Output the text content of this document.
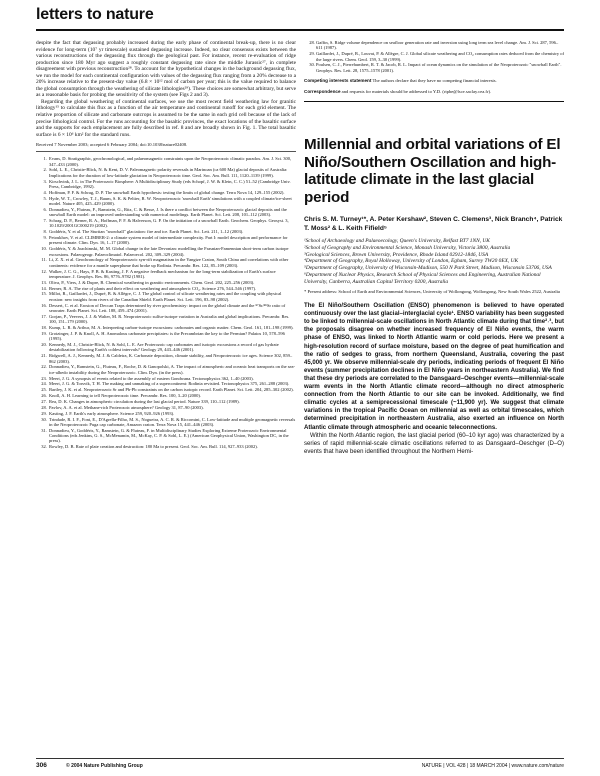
letters to nature

despite the fact that degassing probably increased during the early phase of continental break-up, there is no clear evidence for long-term (10⁷ yr timescale) sustained degassing increase. Indeed, no clear consensus exists between the various reconstructions of the degassing flux through the geological past. For instance, recent re-evaluation of ridge production since 180 Myr ago suggest a roughly constant degassing rate since the middle Jurassic²⁷, in complete disagreement with previous reconstruction²⁸. To account for the hypothetical changes in the background degassing flux, we run the model for each continental configuration with values of the degassing flux ranging from a 20% decrease to a 20% increase relative to the present-day value (6.8 × 10¹² mol of carbon per year; this is the value required to balance the global consumption through the weathering of silicate lithologies²⁹). These choices are somewhat arbitrary, but serve as a reasonable basis for probing the sensitivity of the system (see Figs 2 and 3).

Regarding the global weathering of continental surfaces, we use the most recent field weathering law for granitic lithology¹⁵ to calculate this flux as a function of the air temperature and continental runoff for each grid element. The relative proportion of silicate and carbonate outcrops is assumed to be the same in each grid cell because of the lack of precise lithological control. For the runs accounting for the basaltic provinces, the exact locations of the basaltic surface and the supports for each emplacement are fully described in ref. 8 and are broadly shown in Fig. 1. The total basaltic surface is 6 × 10⁶ km² for the standard runs.

Received 7 November 2003; accepted 6 February 2004; doi:10.1038/nature02408.
1. Evans, D. Stratigraphic, geochronological, and palaeomagnetic constraints upon the Neoproterozoic climatic paradox. Am. J. Sci. 300, 347–433 (2000).
2. Sohl, L. E., Christie-Blick, N. & Kent, D. V. Paleomagnetic polarity reversals in Marinoan (ca 600 Ma) glacial deposits of Australia: Implications for the duration of low-latitude glaciation in Neoproterozoic time. Geol. Soc. Am. Bull. 111, 1120–1139 (1999).
3. Kirschvink, J. L. in The Proterozoic Biosphere: A Multidisciplinary Study (eds Schopf, J. W. & Klein, C. C.) 51–52 (Cambridge Univ. Press, Cambridge, 1992).
4. Hoffman, P. F. & Schrag, D. P. The snowball Earth hypothesis: testing the limits of global change. Terra Nova 14, 129–155 (2002).
5. Hyde, W. T., Crowley, T. J., Baum, S. K. & Peltier, R. W. Neoproterozoic 'snowball Earth' simulations with a coupled climate/ice-sheet model. Nature 405, 425–429 (2000).
6. Donnadieu, Y., Fluteau, F., Ramstein, G., Ritz, C. & Besse, J. Is there a conflict between the Neoproterozoic glacial deposits and the snowball Earth model: an improved understanding with numerical modelings. Earth Planet. Sci. Lett. 208, 101–112 (2003).
7. Schrag, D. P., Berner, R. A., Hoffman, P. F. & Halverson, G. P. On the initiation of a snowball Earth. Geochem. Geophys. Geosyst. 3, 10.1029/2001GC000219 (2002).
8. Goddéris, Y. et al. The Sturtian "snowball" glaciation: fire and ice. Earth Planet. Sci. Lett. 211, 1–12 (2003).
9. Petoukhov, V. et al. CLIMBER-2: a climate system model of intermediate complexity. Part I: model description and performance for present climate. Clim. Dyn. 16, 1–17 (2000).
10. Goddéris, Y. & Joachimski, M. M. Global change in the late Devonian: modelling the Frasnian-Famennian short-term carbon isotope excursions. Palaeogeogr. Palaeoclimatol. Palaeoecol. 202, 309–329 (2004).
11. Li, Z. X. et al. Geochronology of Neoproterozoic syn-rift magmatism in the Yangtze Craton, South China and correlations with other continents: evidence for a mantle superplume that broke up Rodinia. Precambr. Res. 122, 85–109 (2003).
12. Walker, J. C. G., Hays, P. B. & Kasting, J. F. A negative feedback mechanism for the long-term stabilization of Earth's surface temperature. J. Geophys. Res. 86, 9776–9782 (1981).
13. Oliva, P., Viers, J. & Dupre, B. Chemical weathering in granitic environments. Chem. Geol. 202, 225–256 (2003).
14. Berner, R. A. The rise of plants and their effect on weathering and atmospheric CO₂. Science 276, 544–546 (1997).
15. Millot, R., Gaillardet, J., Dupré, B. & Allègre, C. J. The global control of silicate weathering rates and the coupling with physical erosion: new insights from rivers of the Canadian Shield. Earth Planet. Sci. Lett. 196, 83–98 (2002).
16. Dessert, C. et al. Erosion of Deccan Traps determined by river geochemistry: impact on the global climate and the ⁸⁷Sr/⁸⁶Sr ratio of seawater. Earth Planet. Sci. Lett. 188, 459–474 (2001).
17. Gorjan, P., Veevers, J. J. & Walter, M. R. Neoproterozoic sulfur-isotope variation in Australia and global implications. Precambr. Res. 100, 151–179 (2000).
18. Kump, L. R. & Arthur, M. A. Interpreting carbon-isotope excursions: carbonates and organic matter. Chem. Geol. 161, 181–198 (1999).
19. Grotzinger, J. P. & Knoll, A. H. Anomalous carbonate precipitates: is the Precambrian the key to the Permian? Palaios 10, 578–596 (1995).
20. Kennedy, M. J., Christie-Blick, N. & Sohl, L. E. Are Proterozoic cap carbonates and isotopic excursions a record of gas hydrate destabilization following Earth's coldest intervals? Geology 29, 443–446 (2001).
21. Ridgwell, A. J., Kennedy, M. J. & Caldeira, K. Carbonate deposition, climate stability, and Neoproterozoic ice ages. Science 302, 859–862 (2003).
22. Donnadieu, Y., Ramstein, G., Fluteau, F., Roche, D. & Ganopolski, A. The impact of atmospheric and oceanic heat transports on the sea-ice-albedo instability during the Neoproterozoic. Clim. Dyn. (in the press).
23. Meert, J. G. A synopsis of events related to the assembly of eastern Gondwana. Tectonophysics 362, 1–40 (2003).
24. Meert, J. G. & Torsvik, T. H. The making and unmaking of a supercontinent: Rodinia revisited. Tectonophysics 375, 261–288 (2003).
25. Bartley, J. K. et al. Neoproterozoic Sr and Pb-Pb constraints on the carbon isotopic record. Earth Planet. Sci. Lett. 204, 285–302 (2002).
26. Knoll, A. H. Learning to tell Neoproterozoic time. Precambr. Res. 100, 3–20 (2000).
27. Rea, D. K. Changes in atmospheric circulation during the last glacial period. Nature 339, 110–112 (1989).
28. Pavlov, A. A. et al. Methane-rich Proterozoic atmosphere? Geology 31, 87–90 (2003).
29. Kasting, J. F. Earth's early atmosphere. Science 259, 920–926 (1993).
30. Trindade, R. I. F., Font, E., D'Agrella-Filho, M. S., Nogueira, A. C. R. & Riccomini, C. Low-latitude and multiple geomagnetic reversals in the Neoproterozoic Puga cap carbonate, Amazon craton. Terra Nova 15, 441–446 (2003).
31. Donnadieu, Y., Goddéris, Y., Ramstein, G. & Fluteau, F. in Multidisciplinary Studies Exploring Extreme Proterozoic Environmental Conditions (eds Jenkins, G. S., McMenamin, M., McKay, C. P. & Sohl, L. E.) (American Geophysical Union, Washington DC, in the press).
32. Rowley, D. B. Rate of plate creation and destruction: 180 Ma to present. Geol. Soc. Am. Bull. 114, 927–933 (2002).
28. Gaffin, S. Ridge volume dependence on seafloor generation rate and inversion using long term sea level change. Am. J. Sci. 287, 596–611 (1987).
29. Gaillardet, J., Dupré, B., Louvat, P. & Allègre, C. J. Global silicate weathering and CO₂ consumption rates deduced from the chemistry of the large rivers. Chem. Geol. 159, 3–30 (1999).
30. Poulsen, C. J., Pierrehumbert, R. T. & Jacob, R. L. Impact of ocean dynamics on the simulation of the Neoproterozoic "snowball Earth". Geophys. Res. Lett. 28, 1575–1578 (2001).
Competing interests statement The authors declare that they have no competing financial interests.
Correspondence and requests for materials should be addressed to Y.D. (ripbe@lsce.saclay.cea.fr).
Millennial and orbital variations of El Niño/Southern Oscillation and high-latitude climate in the last glacial period
Chris S. M. Turney¹*, A. Peter Kershaw², Steven C. Clemens³, Nick Branch⁴, Patrick T. Moss² & L. Keith Fifield⁵

¹School of Archaeology and Palaeoecology, Queen's University, Belfast BT7 1NN, UK

²School of Geography and Environmental Science, Monash University, Victoria 3800, Australia

³Geological Sciences, Brown University, Providence, Rhode Island 02912-1846, USA

⁴Department of Geography, Royal Holloway, University of London, Egham, Surrey TW20 0EX, UK

⁵Department of Geography, University of Wisconsin-Madison, 550 N Park Street, Madison, Wisconsin 53706, USA

⁶Department of Nuclear Physics, Research School of Physical Sciences and Engineering, Australian National University, Canberra, Australian Capital Territory 0200, Australia

* Present address: School of Earth and Environmental Sciences, University of Wollongong, Wollongong, New South Wales 2522, Australia
The El Niño/Southern Oscillation (ENSO) phenomenon is believed to have operated continuously over the last glacial–interglacial cycle¹. ENSO variability has been suggested to be linked to millennial-scale oscillations in North Atlantic climate during that time²˒³, but the proposals disagree on whether increased frequency of El Niño events, the warm phase of ENSO, was linked to North Atlantic warm or cold periods. Here we present a high-resolution record of surface moisture, based on the degree of peat humification and the ratio of sedges to grass, from northern Queensland, Australia, covering the past 45,000 yr. We observe millennial-scale dry periods, indicating periods of frequent El Niño events (summer precipitation declines in El Niño years in northeastern Australia). We find that these dry periods are correlated to the Dansgaard–Oeschger events—millennial-scale warm events in the North Atlantic climate record—although no direct atmospheric connection from the North Atlantic to our site can be invoked. Additionally, we find climatic cycles at a semiprecessional timescale (~11,900 yr). We suggest that climate variations in the tropical Pacific Ocean on millennial as well as orbital timescales, which determined precipitation in northeastern Australia, also exerted an influence on North Atlantic climate through atmospheric and oceanic teleconnections.

Within the North Atlantic region, the last glacial period (60–10 kyr ago) was characterized by a series of rapid millennial-scale climatic oscillations referred to as Dansgaard–Oeschger (D–O) events that have been identified throughout the Northern Hemi-

306	© 2004 Nature Publishing Group	NATURE | VOL 428 | 18 MARCH 2004 | www.nature.com/nature
